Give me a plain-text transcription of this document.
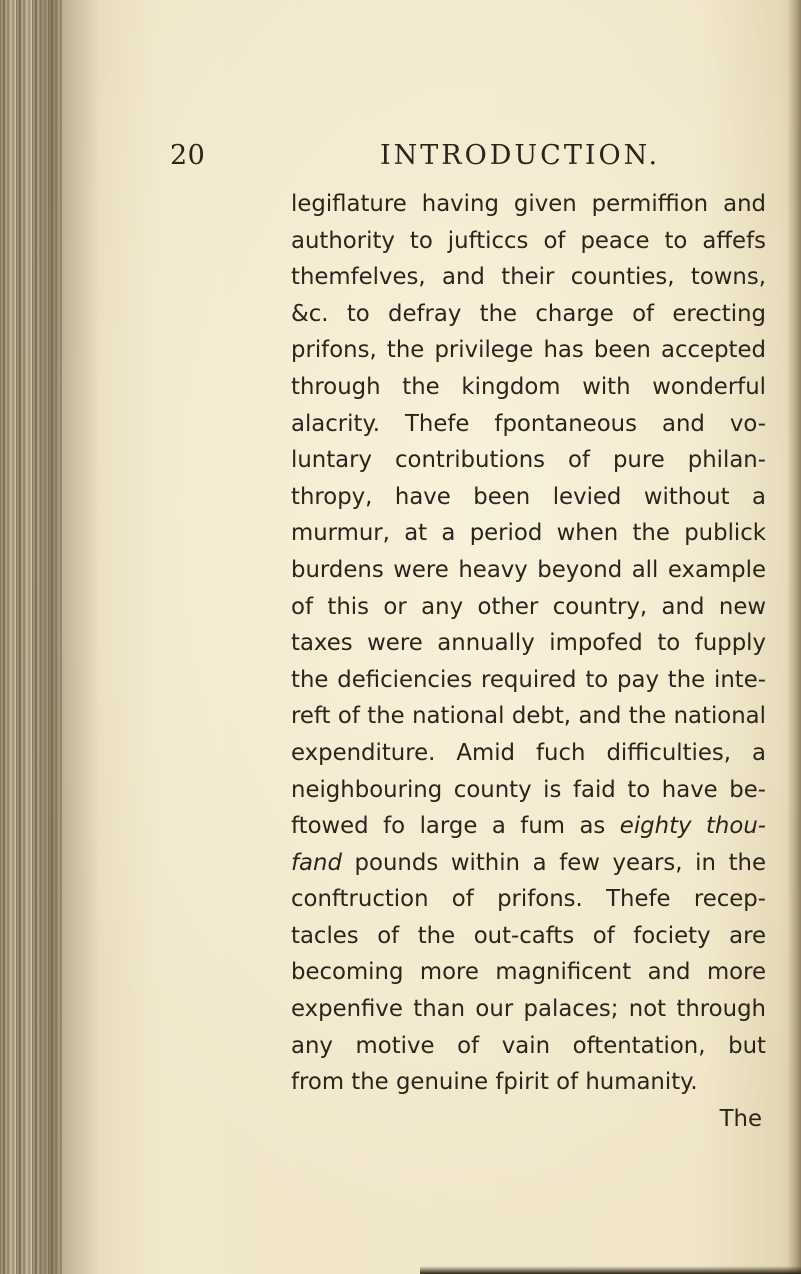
20	INTRODUCTION.
legiflature having given permiffion and
authority to jufticcs of peace to affefs
themfelves, and their counties, towns,
&c. to defray the charge of erecting
prifons, the privilege has been accepted
through the kingdom with wonderful
alacrity. Thefe fpontaneous and vo-
luntary contributions of pure philan-
thropy, have been levied without a
murmur, at a period when the publick
burdens were heavy beyond all example
of this or any other country, and new
taxes were annually impofed to fupply
the deficiencies required to pay the inte-
reft of the national debt, and the national
expenditure. Amid fuch difficulties, a
neighbouring county is faid to have be-
ftowed fo large a fum as eighty thou-
fand pounds within a few years, in the
conftruction of prifons. Thefe recep-
tacles of the out-cafts of fociety are
becoming more magnificent and more
expenfive than our palaces; not through
any motive of vain oftentation, but
from the genuine fpirit of humanity.
The
